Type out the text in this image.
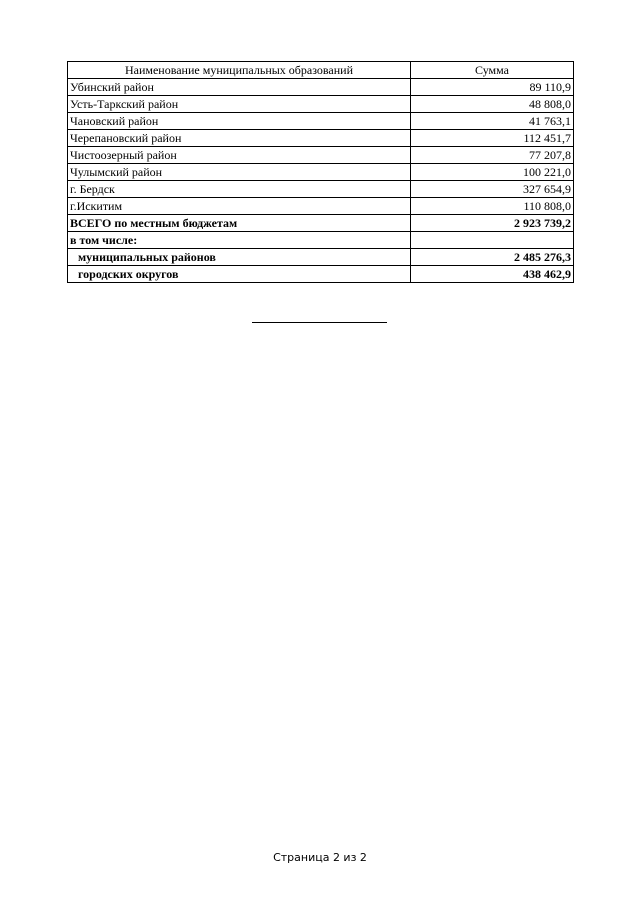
Наименование муниципальных образований	Сумма
Убинский район	89 110,9
Усть-Таркский район	48 808,0
Чановский район	41 763,1
Черепановский район	112 451,7
Чистоозерный район	77 207,8
Чулымский район	100 221,0
г. Бердск	327 654,9
г.Искитим	110 808,0
ВСЕГО по местным бюджетам	2 923 739,2
в том числе:	
муниципальных районов	2 485 276,3
городских округов	438 462,9
Страница 2 из 2
